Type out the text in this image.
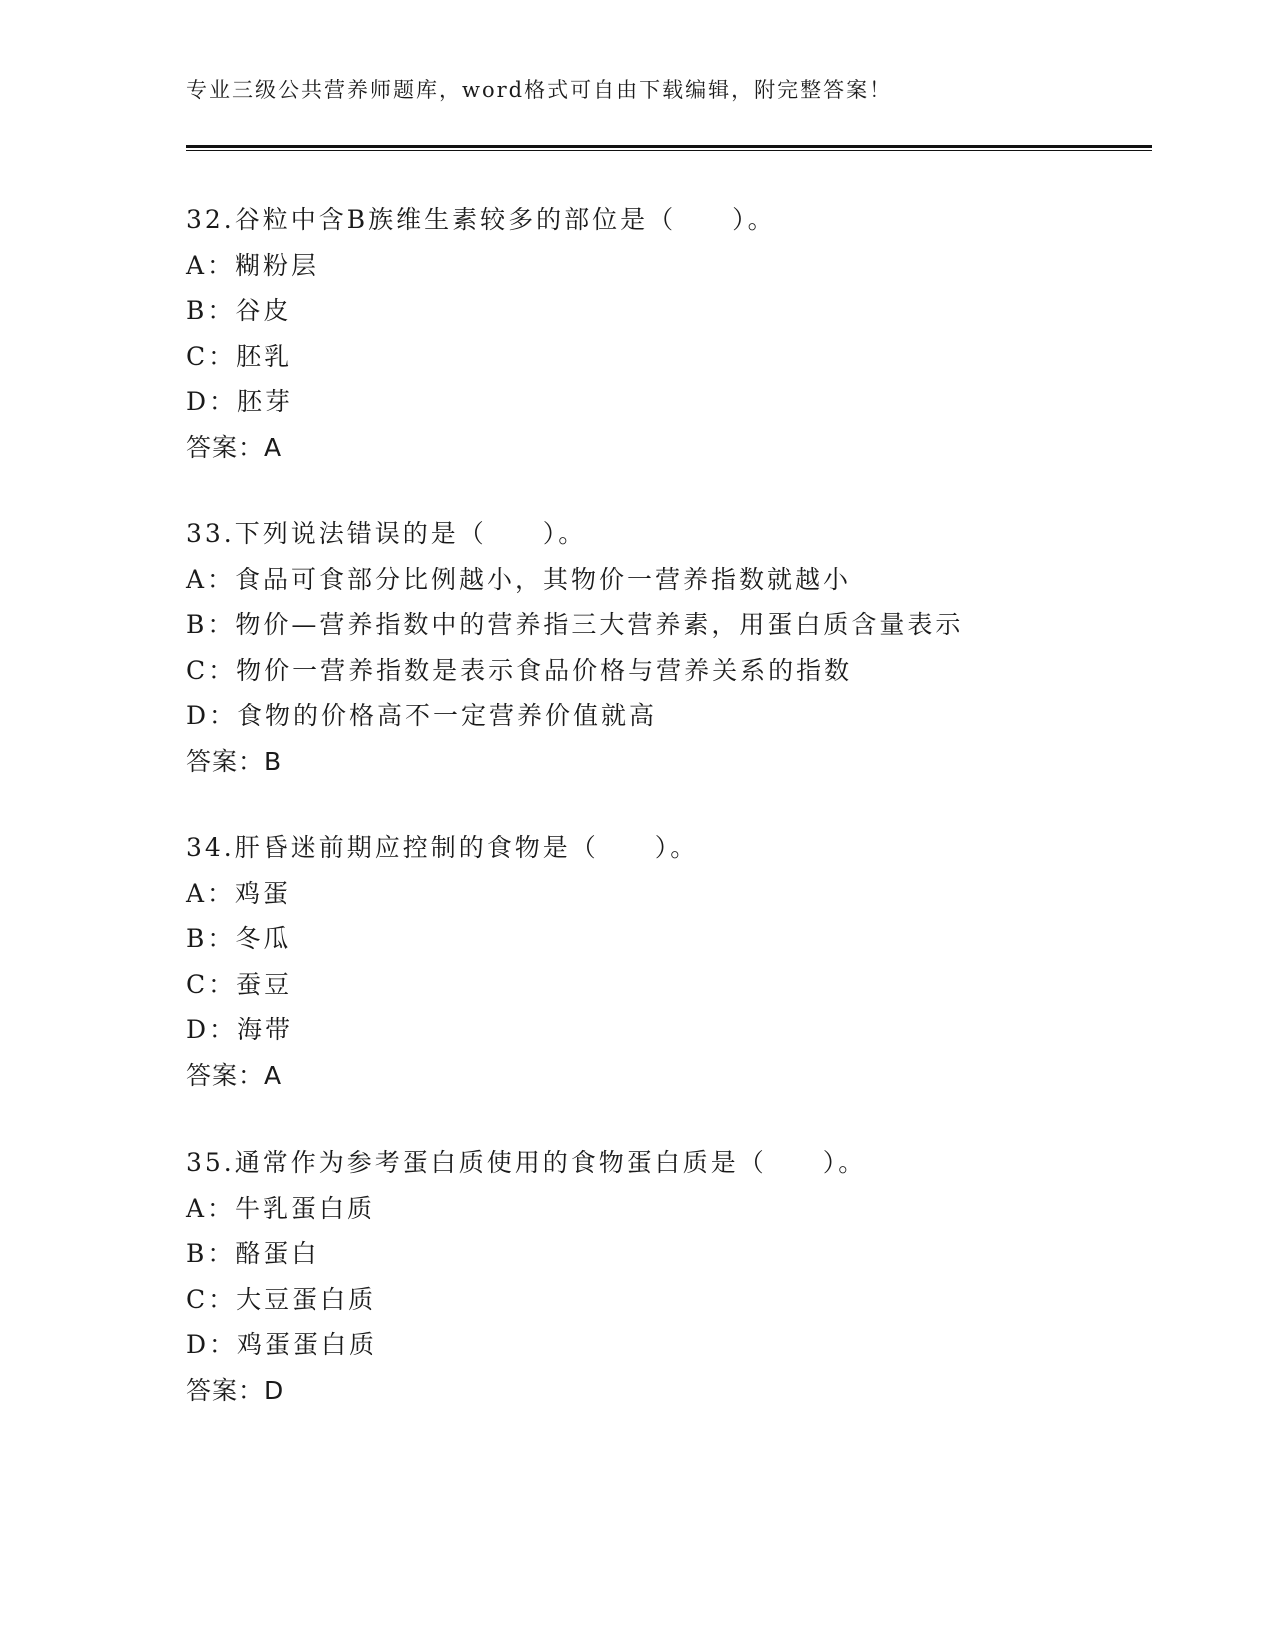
专业三级公共营养师题库，word格式可自由下载编辑，附完整答案！
32.谷粒中含B族维生素较多的部位是（　　）。
A：糊粉层
B：谷皮
C：胚乳
D：胚芽
答案：A
33.下列说法错误的是（　　）。
A：食品可食部分比例越小，其物价一营养指数就越小
B：物价—营养指数中的营养指三大营养素，用蛋白质含量表示
C：物价一营养指数是表示食品价格与营养关系的指数
D：食物的价格高不一定营养价值就高
答案：B
34.肝昏迷前期应控制的食物是（　　）。
A：鸡蛋
B：冬瓜
C：蚕豆
D：海带
答案：A
35.通常作为参考蛋白质使用的食物蛋白质是（　　）。
A：牛乳蛋白质
B：酪蛋白
C：大豆蛋白质
D：鸡蛋蛋白质
答案：D
